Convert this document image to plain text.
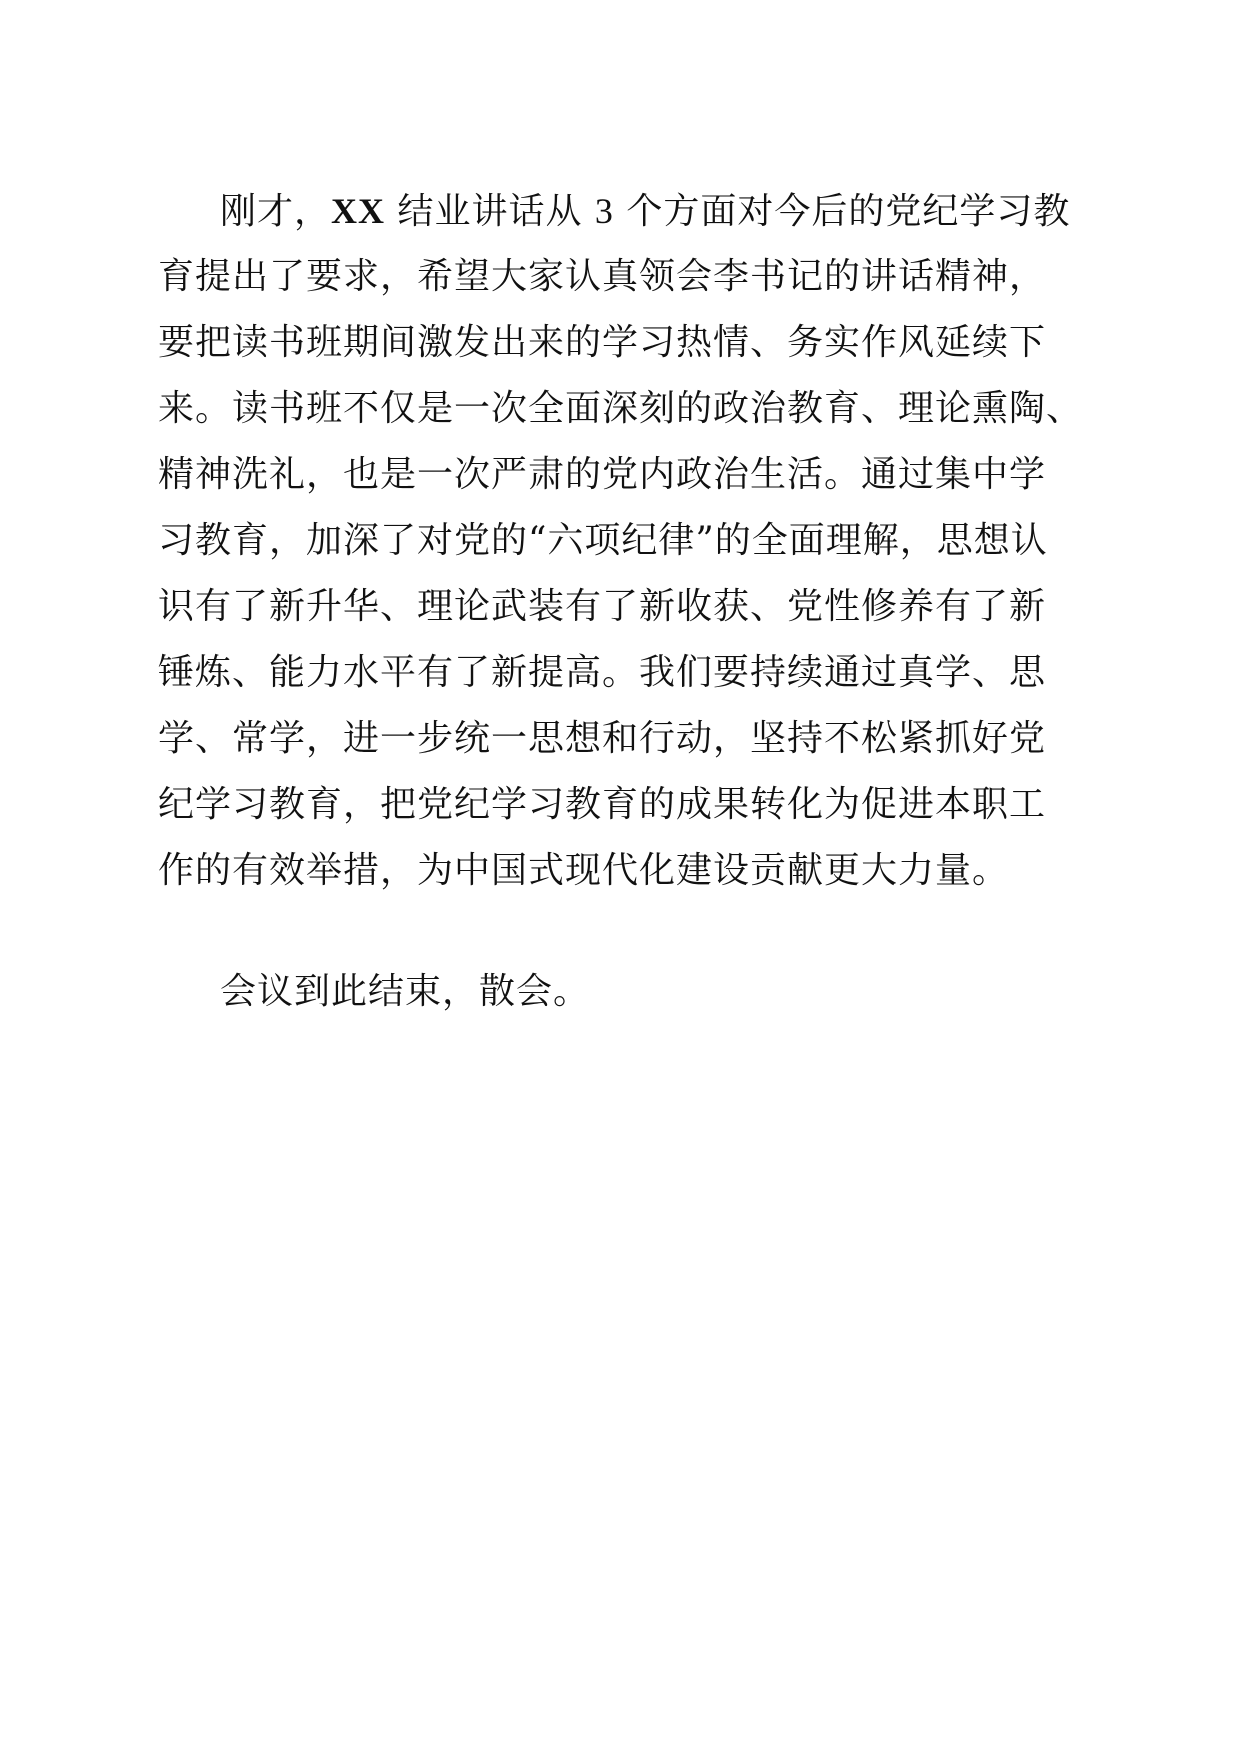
刚才，XX 结业讲话从 3 个方面对今后的党纪学习教
育提出了要求，希望大家认真领会李书记的讲话精神，
要把读书班期间激发出来的学习热情、务实作风延续下
来。读书班不仅是一次全面深刻的政治教育、理论熏陶、
精神洗礼，也是一次严肃的党内政治生活。通过集中学
习教育，加深了对党的“六项纪律”的全面理解，思想认
识有了新升华、理论武装有了新收获、党性修养有了新
锤炼、能力水平有了新提高。我们要持续通过真学、思
学、常学，进一步统一思想和行动，坚持不松紧抓好党
纪学习教育，把党纪学习教育的成果转化为促进本职工
作的有效举措，为中国式现代化建设贡献更大力量。
会议到此结束，散会。
